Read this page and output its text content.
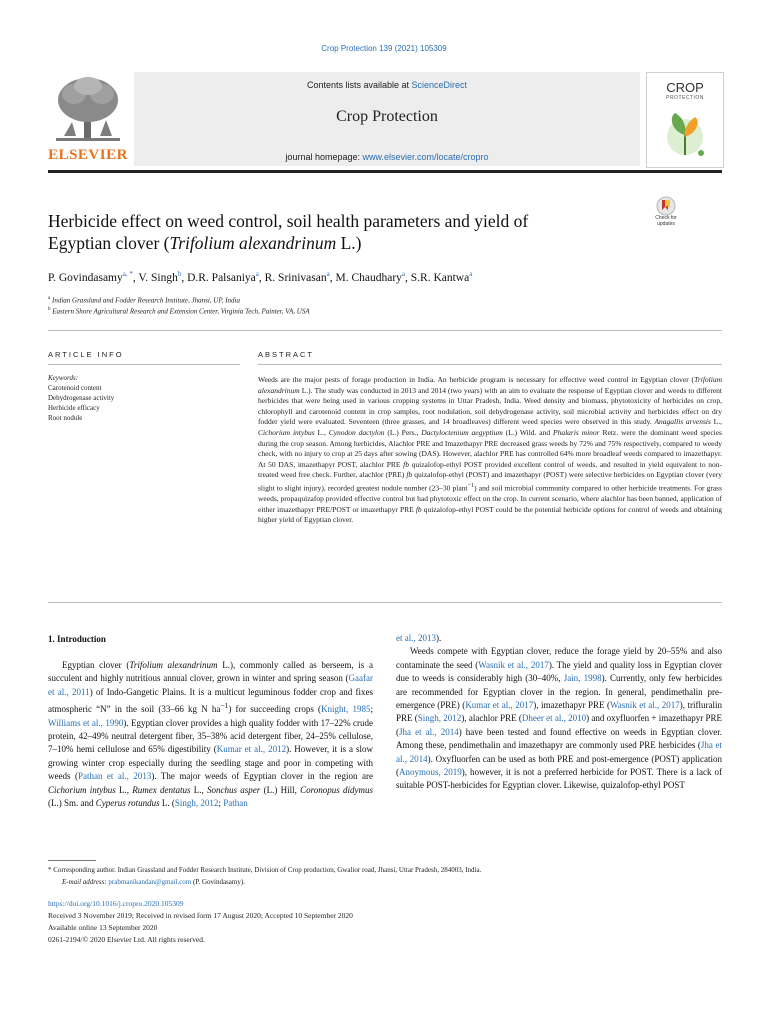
Crop Protection 139 (2021) 105309
ELSEVIER
Contents lists available at ScienceDirect
Crop Protection
journal homepage: www.elsevier.com/locate/cropro
CROP
PROTECTION
Herbicide effect on weed control, soil health parameters and yield of
Egyptian clover (Trifolium alexandrinum L.)
Check for
updates
P. Govindasamy$^{a, *}$, V. Singh$^b$, D.R. Palsaniya$^a$, R. Srinivasan$^a$, M. Chaudhary$^a$, S.R. Kantwa$^a$
$^a$ Indian Grassland and Fodder Research Institute, Jhansi, UP, India
$^b$ Eastern Shore Agricultural Research and Extension Center, Virginia Tech, Painter, VA, USA
ARTICLE INFO	ABSTRACT
Keywords:
Carotenoid content
Dehydrogenase activity
Herbicide efficacy
Root nodule
Weeds are the major pests of forage production in India. An herbicide program is necessary for effective weed control in Egyptian clover (Trifolium alexandrinum L.). The study was conducted in 2013 and 2014 (two years) with an aim to evaluate the response of Egyptian clover and weeds to different herbicides that were being used in various cropping systems in Uttar Pradesh, India. Weed density and biomass, phytotoxicity of herbicides on crop, chlorophyll and carotenoid content in crop samples, root nodulation, soil dehydrogenase activity, soil microbial activity and herbicides effect on dry fodder yield were evaluated. Seventeen (three grasses, and 14 broadleaves) different weed species were observed in this study. Anagallis arvensis L., Cichorium intybus L., Cynodon dactylon (L.) Pers., Dactyloctenium aegyptium (L.) Wild. and Phalaris minor Retz. were the dominant weed species during the crop season. Among herbicides, Alachlor PRE and Imazethapyr PRE decreased grass weeds by 72% and 75% respectively, compared to weedy check, with no injury to crop at 25 days after sowing (DAS). However, alachlor PRE has controlled 64% more broadleaf weeds compared to imazethapyr. At 50 DAS, imazethapyr POST, alachlor PRE fb quizalofop-ethyl POST provided excellent control of weeds, and resulted in yield equivalent to non-treated weed free check. Further, alachlor (PRE) fb quizalofop-ethyl (POST) and imazethapyr (POST) were selective herbicides on Egyptian clover (very slight to slight injury), recorded greatest nodule number (23–30 plant$^{-1}$) and soil microbial community compared to other herbicide treatments. For grass weeds, propaquizafop provided effective control but had phytotoxic effect on the crop. In current scenario, where alachlor has been banned, application of either imazethapyr PRE/POST or imazethapyr PRE fb quizalofop-ethyl POST could be the potential herbicide options for control of weeds and obtaining higher yield of Egyptian clover.
1. Introduction
Egyptian clover (Trifolium alexandrinum L.), commonly called as berseem, is a succulent and highly nutritious annual clover, grown in winter and spring season (Gaafar et al., 2011) of Indo-Gangetic Plains. It is a multicut leguminous fodder crop and fixes atmospheric “N” in the soil (33–66 kg N $ha^{-1}$) for succeeding crops (Knight, 1985; Williams et al., 1990). Egyptian clover provides a high quality fodder with 17–22% crude protein, 42–49% neutral detergent fiber, 35–38% acid detergent fiber, 24–25% cellulose, 7–10% hemi cellulose and 65% digestibility (Kumar et al., 2012). However, it is a slow growing winter crop especially during the seedling stage and poor in competing with weeds (Pathan et al., 2013). The major weeds of Egyptian clover in the region are Cichorium intybus L., Rumex dentatus L., Sonchus asper (L.) Hill, Coronopus didymus (L.) Sm. and Cyperus rotundus L. (Singh, 2012; Pathan
et al., 2013).
Weeds compete with Egyptian clover, reduce the forage yield by 20–55% and also contaminate the seed (Wasnik et al., 2017). The yield and quality loss in Egyptian clover due to weeds is considerably high (30–40%, Jain, 1998). Currently, only few herbicides are recommended for Egyptian clover in the region. In general, pendimethalin pre-emergence (PRE) (Kumar et al., 2017), imazethapyr PRE (Wasnik et al., 2017), trifluralin PRE (Singh, 2012), alachlor PRE (Dheer et al., 2010) and oxyfluorfen + imazethapyr PRE (Jha et al., 2014) have been tested and found effective on weeds in Egyptian clover. Among these, pendimethalin and imazethapyr are commonly used PRE herbicides (Jha et al., 2014). Oxyfluorfen can be used as both PRE and post-emergence (POST) application (Anoymous, 2019), however, it is not a preferred herbicide for POST. There is a lack of suitable POST-herbicides for Egyptian clover. Likewise, quizalofop-ethyl POST
* Corresponding author. Indian Grassland and Fodder Research Institute, Division of Crop production, Gwalior road, Jhansi, Uttar Pradesh, 284003, India.
E-mail address: prabmanikandan@gmail.com (P. Govindasamy).
https://doi.org/10.1016/j.cropro.2020.105309
Received 3 November 2019; Received in revised form 17 August 2020; Accepted 10 September 2020
Available online 13 September 2020
0261-2194/© 2020 Elsevier Ltd. All rights reserved.
